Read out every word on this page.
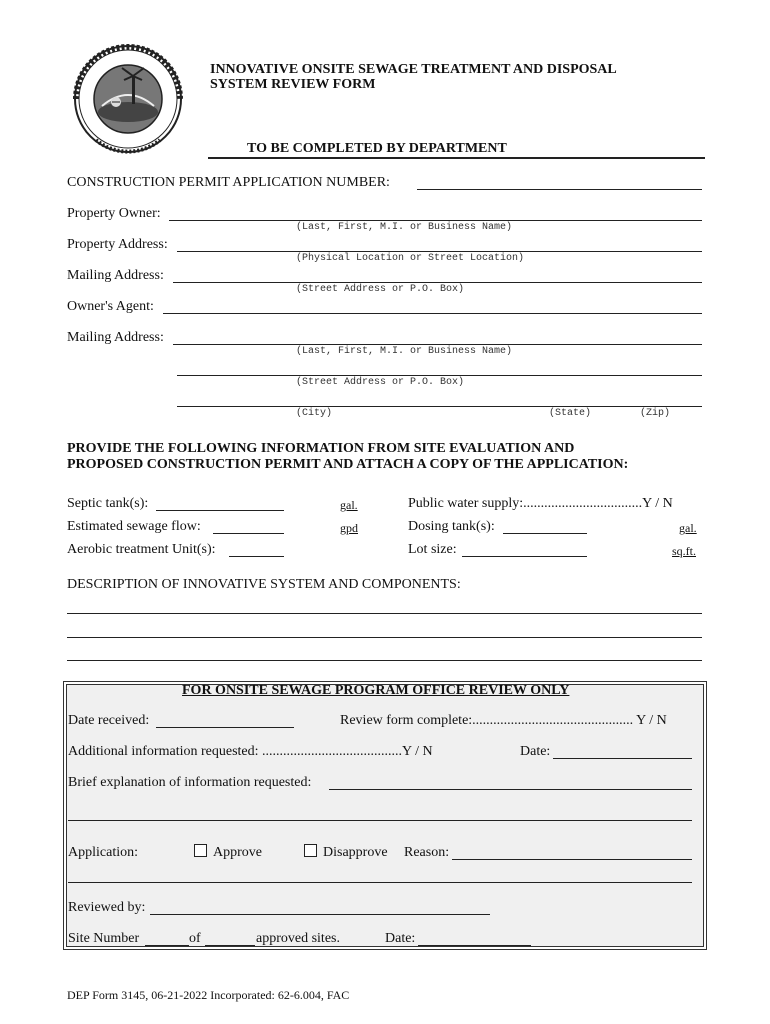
INNOVATIVE ONSITE SEWAGE TREATMENT AND DISPOSAL
SYSTEM REVIEW FORM
TO BE COMPLETED BY DEPARTMENT
CONSTRUCTION PERMIT APPLICATION NUMBER:
Property Owner:
(Last, First, M.I. or Business Name)
Property Address:
(Physical Location or Street Location)
Mailing Address:
(Street Address or P.O. Box)
Owner's Agent:
Mailing Address:
(Last, First, M.I. or Business Name)
(Street Address or P.O. Box)
(City)	(State)	(Zip)
PROVIDE THE FOLLOWING INFORMATION FROM SITE EVALUATION AND
PROPOSED CONSTRUCTION PERMIT AND ATTACH A COPY OF THE APPLICATION:
Septic tank(s):	gal.
Estimated sewage flow:	gpd
Aerobic treatment Unit(s):
Public water supply:..................................Y / N
Dosing tank(s):	gal.
Lot size:	sq.ft.
DESCRIPTION OF INNOVATIVE SYSTEM AND COMPONENTS:
FOR ONSITE SEWAGE PROGRAM OFFICE REVIEW ONLY
Date received:	Review form complete:.............................................. Y / N
Additional information requested: ........................................Y / N	Date:
Brief explanation of information requested:
Application:	Approve	Disapprove Reason:
Reviewed by:
Site Number	of	approved sites.	Date:
DEP Form 3145, 06-21-2022 Incorporated: 62-6.004, FAC
